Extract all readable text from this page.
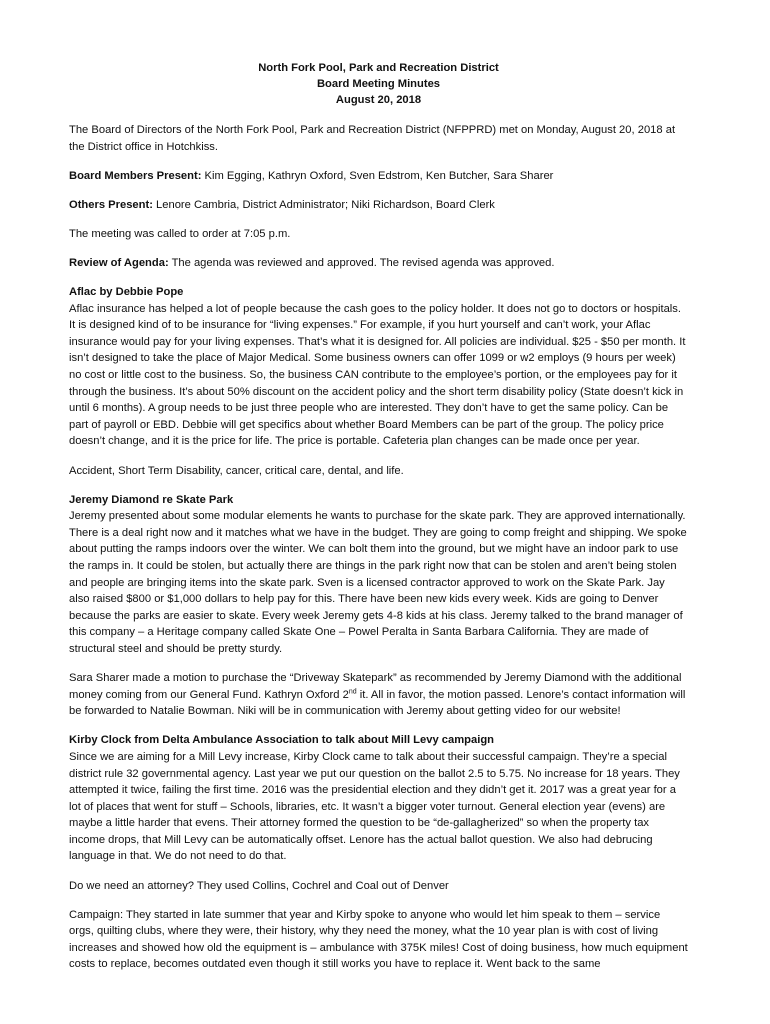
North Fork Pool, Park and Recreation District
Board Meeting Minutes
August 20, 2018

The Board of Directors of the North Fork Pool, Park and Recreation District (NFPPRD) met on Monday, August 20, 2018 at the District office in Hotchkiss.

Board Members Present: Kim Egging, Kathryn Oxford, Sven Edstrom, Ken Butcher, Sara Sharer

Others Present: Lenore Cambria, District Administrator; Niki Richardson, Board Clerk

The meeting was called to order at 7:05 p.m.

Review of Agenda: The agenda was reviewed and approved. The revised agenda was approved.

Aflac by Debbie Pope
Aflac insurance has helped a lot of people because the cash goes to the policy holder. It does not go to doctors or hospitals. It is designed kind of to be insurance for “living expenses.” For example, if you hurt yourself and can’t work, your Aflac insurance would pay for your living expenses. That’s what it is designed for. All policies are individual. $25 - $50 per month. It isn’t designed to take the place of Major Medical. Some business owners can offer 1099 or w2 employs (9 hours per week) no cost or little cost to the business. So, the business CAN contribute to the employee’s portion, or the employees pay for it through the business. It’s about 50% discount on the accident policy and the short term disability policy (State doesn’t kick in until 6 months). A group needs to be just three people who are interested. They don’t have to get the same policy. Can be part of payroll or EBD. Debbie will get specifics about whether Board Members can be part of the group. The policy price doesn’t change, and it is the price for life. The price is portable. Cafeteria plan changes can be made once per year.

Accident, Short Term Disability, cancer, critical care, dental, and life.

Jeremy Diamond re Skate Park
Jeremy presented about some modular elements he wants to purchase for the skate park. They are approved internationally. There is a deal right now and it matches what we have in the budget. They are going to comp freight and shipping. We spoke about putting the ramps indoors over the winter. We can bolt them into the ground, but we might have an indoor park to use the ramps in. It could be stolen, but actually there are things in the park right now that can be stolen and aren’t being stolen and people are bringing items into the skate park. Sven is a licensed contractor approved to work on the Skate Park. Jay also raised $800 or $1,000 dollars to help pay for this. There have been new kids every week. Kids are going to Denver because the parks are easier to skate. Every week Jeremy gets 4-8 kids at his class. Jeremy talked to the brand manager of this company – a Heritage company called Skate One – Powel Peralta in Santa Barbara California. They are made of structural steel and should be pretty sturdy.

Sara Sharer made a motion to purchase the “Driveway Skatepark” as recommended by Jeremy Diamond with the additional money coming from our General Fund. Kathryn Oxford 2nd it. All in favor, the motion passed. Lenore’s contact information will be forwarded to Natalie Bowman. Niki will be in communication with Jeremy about getting video for our website!

Kirby Clock from Delta Ambulance Association to talk about Mill Levy campaign
Since we are aiming for a Mill Levy increase, Kirby Clock came to talk about their successful campaign. They’re a special district rule 32 governmental agency. Last year we put our question on the ballot 2.5 to 5.75. No increase for 18 years. They attempted it twice, failing the first time. 2016 was the presidential election and they didn’t get it. 2017 was a great year for a lot of places that went for stuff – Schools, libraries, etc. It wasn’t a bigger voter turnout. General election year (evens) are maybe a little harder that evens. Their attorney formed the question to be “de-gallagherized” so when the property tax income drops, that Mill Levy can be automatically offset. Lenore has the actual ballot question. We also had debrucing language in that. We do not need to do that.

Do we need an attorney? They used Collins, Cochrel and Coal out of Denver

Campaign: They started in late summer that year and Kirby spoke to anyone who would let him speak to them – service orgs, quilting clubs, where they were, their history, why they need the money, what the 10 year plan is with cost of living increases and showed how old the equipment is – ambulance with 375K miles! Cost of doing business, how much equipment costs to replace, becomes outdated even though it still works you have to replace it. Went back to the same
